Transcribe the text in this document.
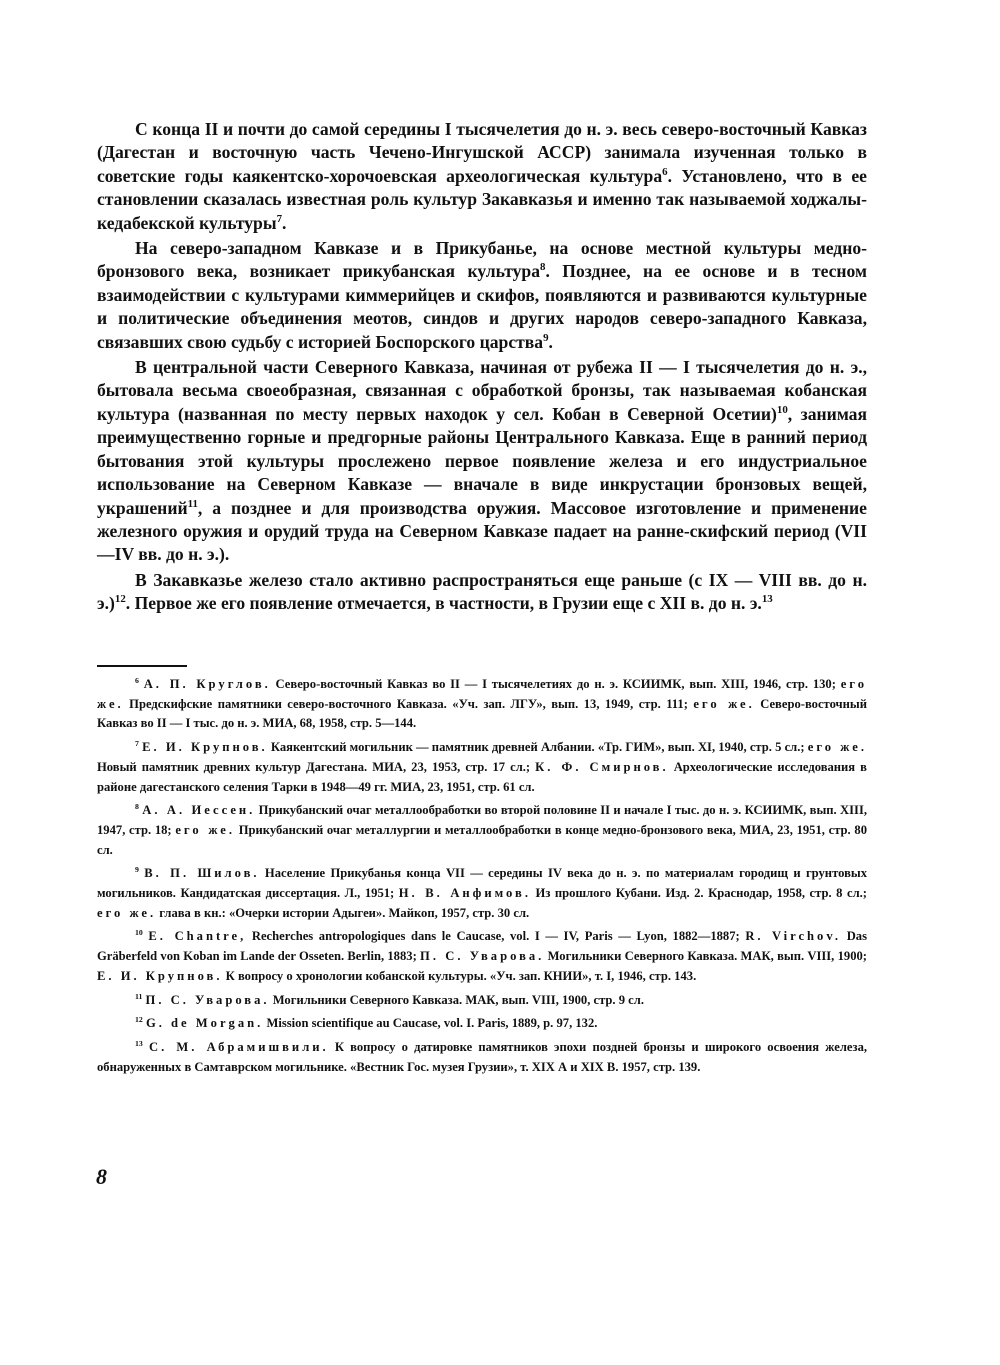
С конца II и почти до самой середины I тысячелетия до н. э. весь северо-восточный Кавказ (Дагестан и восточную часть Чечено-Ингушской АССР) занимала изученная только в советские годы каякентско-хорочоевская археологическая культура$^6$. Установлено, что в ее становлении сказалась известная роль культур Закавказья и именно так называемой ходжалы-кедабекской культуры$^7$.

На северо-западном Кавказе и в Прикубанье, на основе местной культуры медно-бронзового века, возникает прикубанская культура$^8$. Позднее, на ее основе и в тесном взаимодействии с культурами киммерийцев и скифов, появляются и развиваются культурные и политические объединения меотов, синдов и других народов северо-западного Кавказа, связавших свою судьбу с историей Боспорского царства$^9$.

В центральной части Северного Кавказа, начиная от рубежа II — I тысячелетия до н. э., бытовала весьма своеобразная, связанная с обработкой бронзы, так называемая кобанская культура (названная по месту первых находок у сел. Кобан в Северной Осетии)$^{10}$, занимая преимущественно горные и предгорные районы Центрального Кавказа. Еще в ранний период бытования этой культуры прослежено первое появление железа и его индустриальное использование на Северном Кавказе — вначале в виде инкрустации бронзовых вещей, украшений$^{11}$, а позднее и для производства оружия. Массовое изготовление и применение железного оружия и орудий труда на Северном Кавказе падает на ранне-скифский период (VII—IV вв. до н. э.).

В Закавказье железо стало активно распространяться еще раньше (с IX — VIII вв. до н. э.)$^{12}$. Первое же его появление отмечается, в частности, в Грузии еще с XII в. до н. э.$^{13}$

$^6$ А. П. Круглов. Северо-восточный Кавказ во II — I тысячелетиях до н. э. КСИИМК, вып. XIII, 1946, стр. 130; его же. Предскифские памятники северо-восточного Кавказа. «Уч. зап. ЛГУ», вып. 13, 1949, стр. 111; его же. Северо-восточный Кавказ во II — I тыс. до н. э. МИА, 68, 1958, стр. 5—144.

$^7$ Е. И. Крупнов. Каякентский могильник — памятник древней Албании. «Тр. ГИМ», вып. XI, 1940, стр. 5 сл.; его же. Новый памятник древних культур Дагестана. МИА, 23, 1953, стр. 17 сл.; К. Ф. Смирнов. Археологические исследования в районе дагестанского селения Тарки в 1948—49 гг. МИА, 23, 1951, стр. 61 сл.

$^8$ А. А. Иессен. Прикубанский очаг металлообработки во второй половине II и начале I тыс. до н. э. КСИИМК, вып. XIII, 1947, стр. 18; его же. Прикубанский очаг металлургии и металлообработки в конце медно-бронзового века, МИА, 23, 1951, стр. 80 сл.

$^9$ В. П. Шилов. Население Прикубанья конца VII — середины IV века до н. э. по материалам городищ и грунтовых могильников. Кандидатская диссертация. Л., 1951; Н. В. Анфимов. Из прошлого Кубани. Изд. 2. Краснодар, 1958, стр. 8 сл.; его же. глава в кн.: «Очерки истории Адыгеи». Майкоп, 1957, стр. 30 сл.

$^{10}$ E. Chantre, Recherches antropologiques dans le Caucase, vol. I — IV, Paris — Lyon, 1882—1887; R. Virchov. Das Gräberfeld von Koban im Lande der Osseten. Berlin, 1883; П. С. Уварова. Могильники Северного Кавказа. МАК, вып. VIII, 1900; Е. И. Крупнов. К вопросу о хронологии кобанской культуры. «Уч. зап. КНИИ», т. I, 1946, стр. 143.

$^{11}$ П. С. Уварова. Могильники Северного Кавказа. МАК, вып. VIII, 1900, стр. 9 сл.

$^{12}$ G. de Morgan. Mission scientifique au Caucase, vol. I. Paris, 1889, p. 97, 132.

$^{13}$ С. М. Абрамишвили. К вопросу о датировке памятников эпохи поздней бронзы и широкого освоения железа, обнаруженных в Самтаврском могильнике. «Вестник Гос. музея Грузии», т. XIX А и XIX В. 1957, стр. 139.

8
